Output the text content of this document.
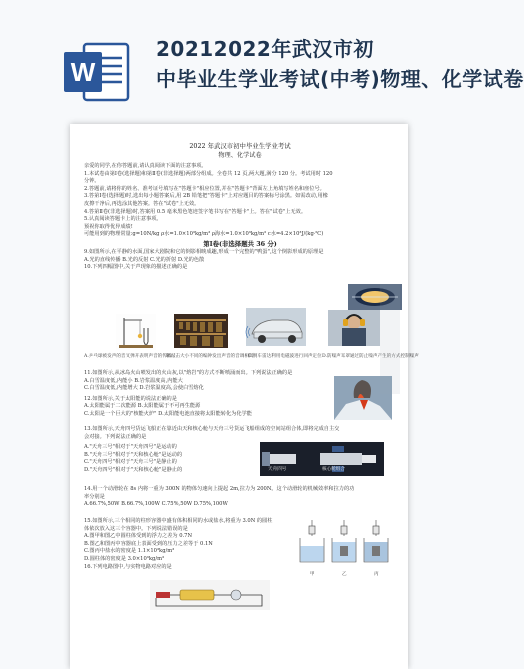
W
20212022年武汉市初
中毕业生学业考试(中考)物理、化学试卷
2022 年武汉市初中毕业生学业考试
物理、化学试卷
亲爱的同学,在你答题前,请认真阅读下面的注意事项。
1.本试卷由第Ⅰ卷(选择题)和第Ⅱ卷(非选择题)两部分组成。全卷共 12 页,两大题,满分 120 分。考试用时 120
分钟。
2.答题前,请将你的姓名、准考证号填写在"答题卡"相应位置,并在"答题卡"背面左上角填写姓名和座位号。
3.答第Ⅰ卷(选择题)时,选出每小题答案后,用 2B 铅笔把"答题卡"上对应题目的答案标号涂黑。如需改动,用橡
皮擦干净后,再选涂其他答案。答在"试卷"上无效。
4.答第Ⅱ卷(非选择题)时,答案用 0.5 毫米黑色笔迹签字笔书写在"答题卡"上。答在"试卷"上无效。
5.认真阅读答题卡上的注意事项。
预祝你取得优异成绩!
可能用到的物理常量:g=10N/kg ρ水=1.0×10³kg/m³ ρ海水=1.0×10³kg/m³ c水=4.2×10³J/(kg·℃)
第Ⅰ卷(非选择题共 36 分)
9.如图所示,在平静的水面,国家大剧院和它的倒影相映成趣,形成一个完整的"鸭蛋",这个倒影形成的原理是
A.光的直线传播 B.光的反射 C.光的折射 D.光的色散
10.下列四幅图中,关于声现象的描述正确的是
A.乒乓球被发声的音叉弹开表明声音的传播
B.敲击大小不同的编钟发出声音的音调相同
C.倒车雷达利用电磁波进行回声定位 D.防噪声耳罩通过防止噪声产生的方式控制噪声
11.如图所示,从冰岛火山喷发出的火山灰,以"熔岩"的方式不断喷涌而出。下列说法正确的是
A.白雪温度低,内能小 B.岩浆温度高,内能大
C.白雪温度低,内能增大 D.岩浆温度高,会使白雪熔化
12.如图所示,关于太阳能的说法正确的是
A.太阳能属于二次能源 B.太阳能属于不可再生能源
C.太阳是一个巨大的"核能火炉" D.太阳能电池直接将太阳能转化为化学能
13.如图所示,天舟四号货运飞船正在靠近由天和核心舱与天舟三号货运飞船组成的空间站组合体,即将完成自主交
会对接。下列说法正确的是
A."天舟三号"相对于"天舟四号"是运动的
B."天舟三号"相对于"天和核心舱"是运动的
C."天舟四号"相对于"天舟三号"是静止的
D."天舟四号"相对于"天和核心舱"是静止的	天舟四号	核心舱组合
14.用一个动滑轮在 8s 内将一重为 300N 的物体匀速向上提起 2m,拉力为 200N。这个动滑轮的机械效率和拉力的功
率分别是
A.66.7%,50W B.66.7%,100W C.75%,50W D.75%,100W
15.如图所示,三个相同的柱形容器中盛有体积相同的水或盐水,将重为 3.0N 的圆柱
体依次放入这三个容器中。下列说法错误的是
A.图甲和图乙中圆柱体受到的浮力之差为 0.7N
B.图乙和图丙中容器底上表面受到的压力之差等于 0.1N
C.图丙中盐水的密度是 1.1×10³kg/m³
D.圆柱体的密度是 3.0×10³kg/m³
16.下列电路图中,与实物电路对应的是
甲	乙	丙
